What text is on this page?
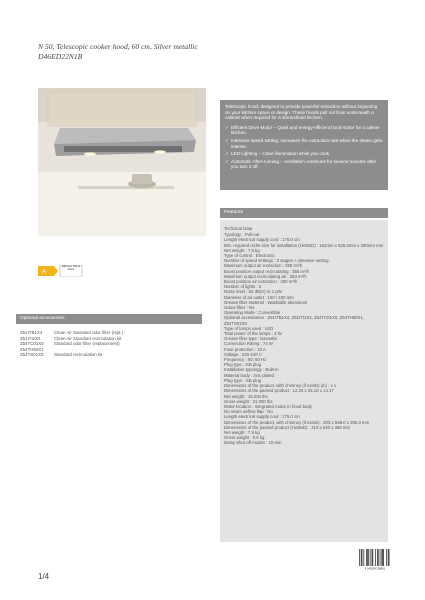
N 50, Telescopic cooker hood, 60 cm, Silver metallic
D46ED22N1B
Telescopic hood: designed to provide powerful extraction without impacting on your kitchen space or design. These hoods pull out from underneath a cabinet when required for a streamlined kitchen.
✓ Efficient Drive Motor – Quiet and energy-efficient hood motor for a calmer kitchen.
✓ Intensive speed setting: increases the extraction rate when the steam gets intense.
✓ LED Lighting – Clear illumination while you cook.
✓ Automatic After-running – ventilation continues for several minutes after you turn it off
A
Efficient Silent Drive
Optional accessories
Z51ITB1X4	Clean Air Standard odor filter (repl.)
Z51ITI1X4	Clean Air Standard recirculation kit
Z54TC01X0	Standard odor filter (replacement)
Z54TH60X1
Z54TS01X0	Standard recirculation kit
Features
Technical Data
Typology : Pull-out
Length electrical supply cord : 175.0 cm
Min. required niche size for installation (HxWxD) : 162mm x 526.0mm x 290mm mm
Net weight : 7.9 kg
Type of control : Electronic
Number of speed settings : 3 stages + intensive setting
Maximum output air extraction : 268 m³/h
Boost position output recirculating : 355 m³/h
Maximum output recirculating air : 253 m³/h
Boost position air extraction : 400 m³/h
Number of lights : 2
Noise level : 62 dB(A) re 1 pW
Diameter of air outlet : 120 / 150 mm
Grease filter material : Washable aluminium
Odour filter : No
Operating Mode : Convertible
Optional accessories : Z51ITB1X4, Z51ITI1X4, Z54TC01X0, Z54TH60X1, Z54TS01X0
Type of lamps used : LED
Total power of the lamps : 4 W
Grease filter type : Kassette
Connection Rating : 74 W
Fuse protection : 10 A
Voltage : 220-240 V
Frequency : 50; 60 Hz
Plug type : GB plug
Installation typology : Built-in
Material body : zinc plated
Plug type : GB plug
Dimensions of the product, with chimney (if exists) (in) : x x
Dimensions of the packed product : 12.20 x 25.16 x 14.17
Net weight : 18.000 lbs
Gross weight : 21.000 lbs
Motor location : Integrated motor in hood body
No return airflow flap : No
Length electrical supply cord : 175.0 cm
Dimensions of the product, with chimney (if exists) : 203 x 598.0 x 290.0 mm
Dimensions of the packed product (HxWxD) : 310 x 640 x 360 mm
Net weight : 7.9 kg
Gross weight : 9.5 kg
Delay Shut off modes : 10 min
4 242004 238801
1/4
